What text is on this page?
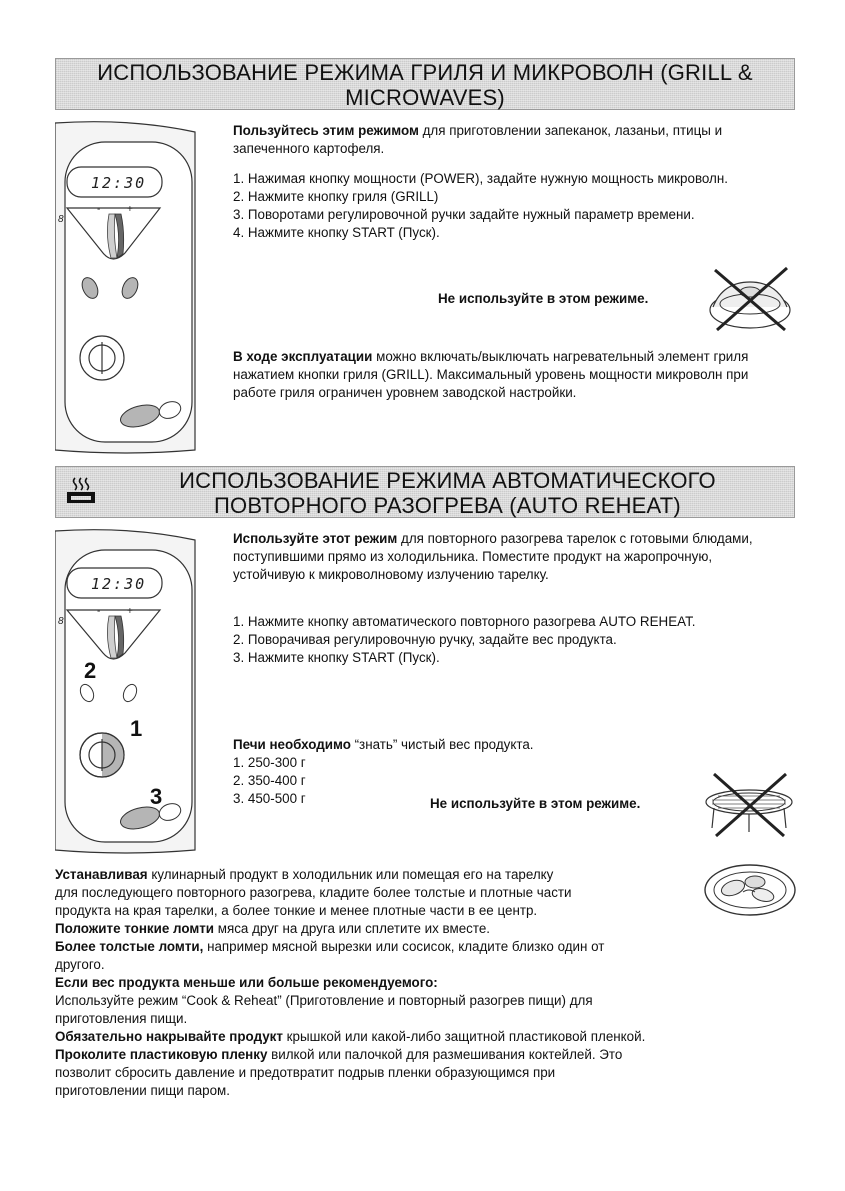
ИСПОЛЬЗОВАНИЕ РЕЖИМА ГРИЛЯ И МИКРОВОЛН (GRILL &
MICROWAVES)
12:30
-	+
8

Пользуйтесь этим режимом для приготовлении запеканок, лазаньи, птицы и запеченного картофеля.

1. Нажимая кнопку мощности (POWER), задайте нужную мощность микроволн.
2. Нажмите кнопку гриля (GRILL)
3. Поворотами регулировочной ручки задайте нужный параметр времени.
4. Нажмите кнопку START (Пуск).
Не используйте в этом режиме.

В ходе эксплуатации можно включать/выключать нагревательный элемент гриля нажатием кнопки гриля (GRILL). Максимальный уровень мощности микроволн при работе гриля ограничен уровнем заводской настройки.

ИСПОЛЬЗОВАНИЕ РЕЖИМА АВТОМАТИЧЕСКОГО
ПОВТОРНОГО РАЗОГРЕВА (AUTO REHEAT)
12:30
-	+
8
2
1
3

Используйте этот режим для повторного разогрева тарелок с готовыми блюдами, поступившими прямо из холодильника. Поместите продукт на жаропрочную, устойчивую к микроволновому излучению тарелку.

1. Нажмите кнопку автоматического повторного разогрева AUTO REHEAT.
2. Поворачивая регулировочную ручку, задайте вес продукта.
3. Нажмите кнопку START (Пуск).

Печи необходимо “знать” чистый вес продукта.

1. 250-300 г
2. 350-400 г
3. 450-500 г	Не используйте в этом режиме.

Устанавливая кулинарный продукт в холодильник или помещая его на тарелку

для последующего повторного разогрева, кладите более толстые и плотные части

продукта на края тарелки, а более тонкие и менее плотные части в ее центр.

Положите тонкие ломти мяса друг на друга или сплетите их вместе.

Более толстые ломти, например мясной вырезки или сосисок, кладите близко один от

другого.

Если вес продукта меньше или больше рекомендуемого:

Используйте режим “Cook & Reheat” (Приготовление и повторный разогрев пищи) для

приготовления пищи.

Обязательно накрывайте продукт крышкой или какой-либо защитной пластиковой пленкой.

Проколите пластиковую пленку вилкой или палочкой для размешивания коктейлей. Это

позволит сбросить давление и предотвратит подрыв пленки образующимся при

приготовлении пищи паром.
